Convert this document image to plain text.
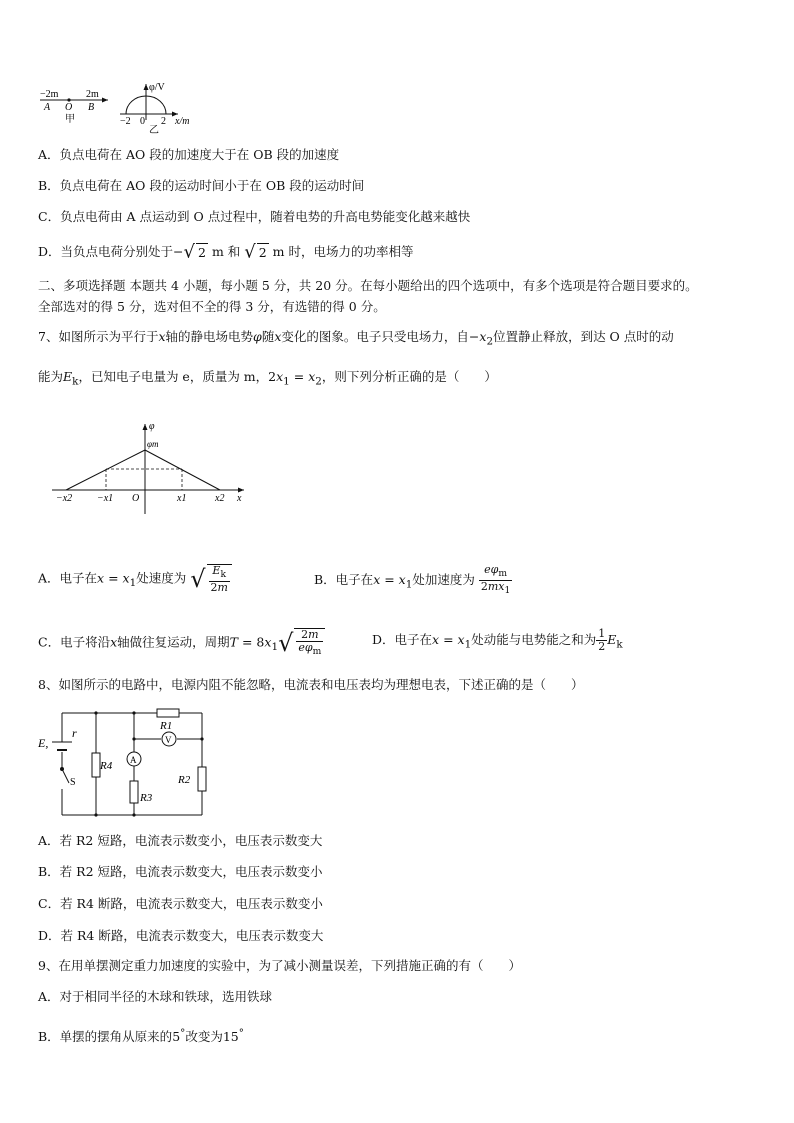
−2m	2m
A O B
甲
φ/V
−2 0 2 x/m
乙
A．负点电荷在 AO 段的加速度大于在 OB 段的加速度
B．负点电荷在 AO 段的运动时间小于在 OB 段的运动时间
C．负点电荷由 A 点运动到 O 点过程中，随着电势的升高电势能变化越来越快
D．当负点电荷分别处于−√ 2 m 和 √ 2 m 时，电场力的功率相等
二、多项选择题 本题共 4 小题，每小题 5 分，共 20 分。在每小题给出的四个选项中，有多个选项是符合题目要求的。
全部选对的得 5 分，选对但不全的得 3 分，有选错的得 0 分。
7、如图所示为平行于x轴的静电场电势φ随x变化的图象。电子只受电场力，自$-x_2$位置静止释放，到达 O 点时的动
能为$E_k$，已知电子电量为 e，质量为 m，$2x_1 = x_2$，则下列分析正确的是（　　）
φ
φm
−x2 −x1 O	x1	x2 x
A．电子在$x = x_1$处速度为 √ $\frac{E_k}{2m}$	B．电子在$x = x_1$处加速度为 $\frac{e\varphi_m}{2mx_1}$
C．电子将沿x轴做往复运动，周期$T = 8x_1√ \frac{2m}{e\varphi_m}$	D．电子在$x = x_1$处动能与电势能之和为 $\frac{1}{2} E_k$
8、如图所示的电路中，电源内阻不能忽略，电流表和电压表均为理想电表，下述正确的是（　　）
E,
r
S
R4
R1
V
A
R3
R2
A．若 R2 短路，电流表示数变小，电压表示数变大
B．若 R2 短路，电流表示数变大，电压表示数变小
C．若 R4 断路，电流表示数变大，电压表示数变小
D．若 R4 断路，电流表示数变大，电压表示数变大
9、在用单摆测定重力加速度的实验中，为了减小测量误差，下列措施正确的有（　　）
A．对于相同半径的木球和铁球，选用铁球
B．单摆的摆角从原来的5°改变为15°
